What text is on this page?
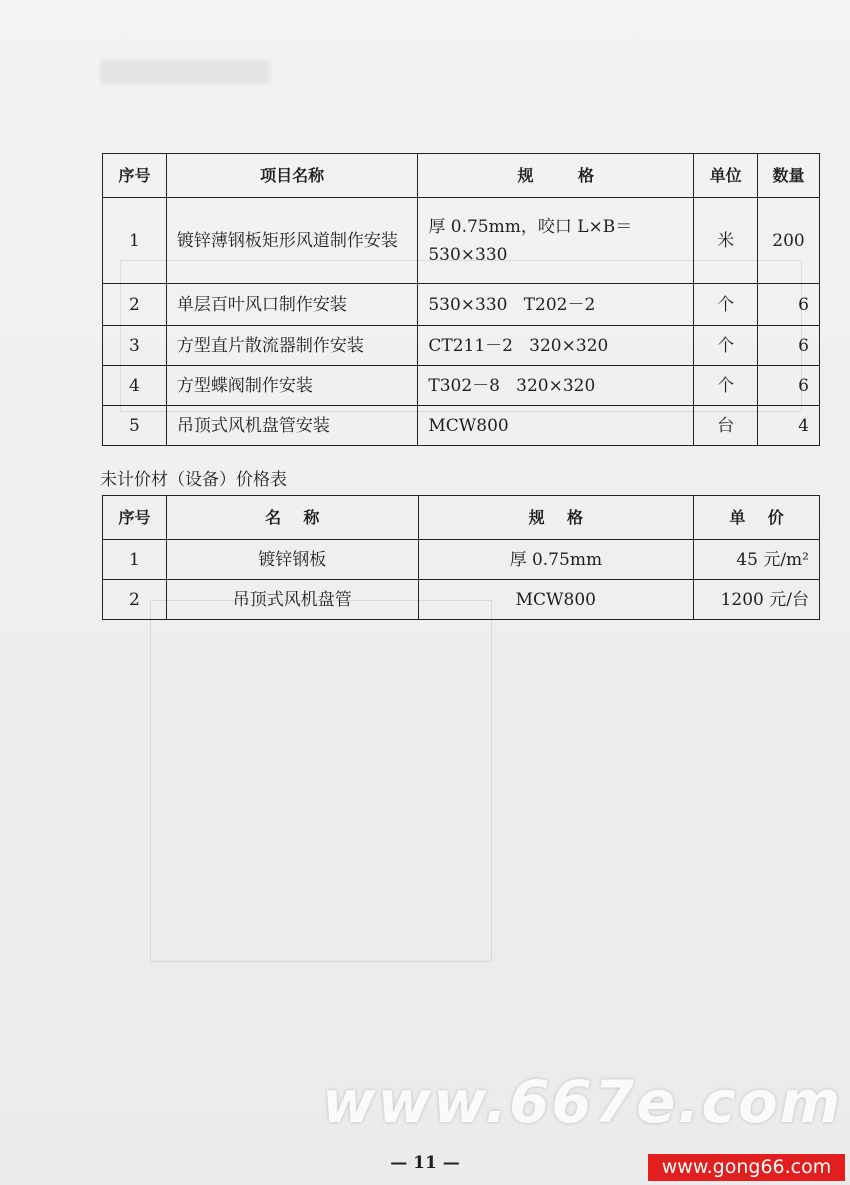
序号	项目名称	规        格	单位	数量
1	镀锌薄钢板矩形风道制作安装	厚 0.75mm，咬口 L×B＝530×330	米	200
2	单层百叶风口制作安装	530×330   T202－2	个	6
3	方型直片散流器制作安装	CT211－2   320×320	个	6
4	方型蝶阀制作安装	T302－8   320×320	个	6
5	吊顶式风机盘管安装	MCW800	台	4
未计价材（设备）价格表
序号	名    称	规    格	单    价
1	镀锌钢板	厚 0.75mm	45 元/m²
2	吊顶式风机盘管	MCW800	1200 元/台
www.667e.com
— 11 —	www.gong66.com
